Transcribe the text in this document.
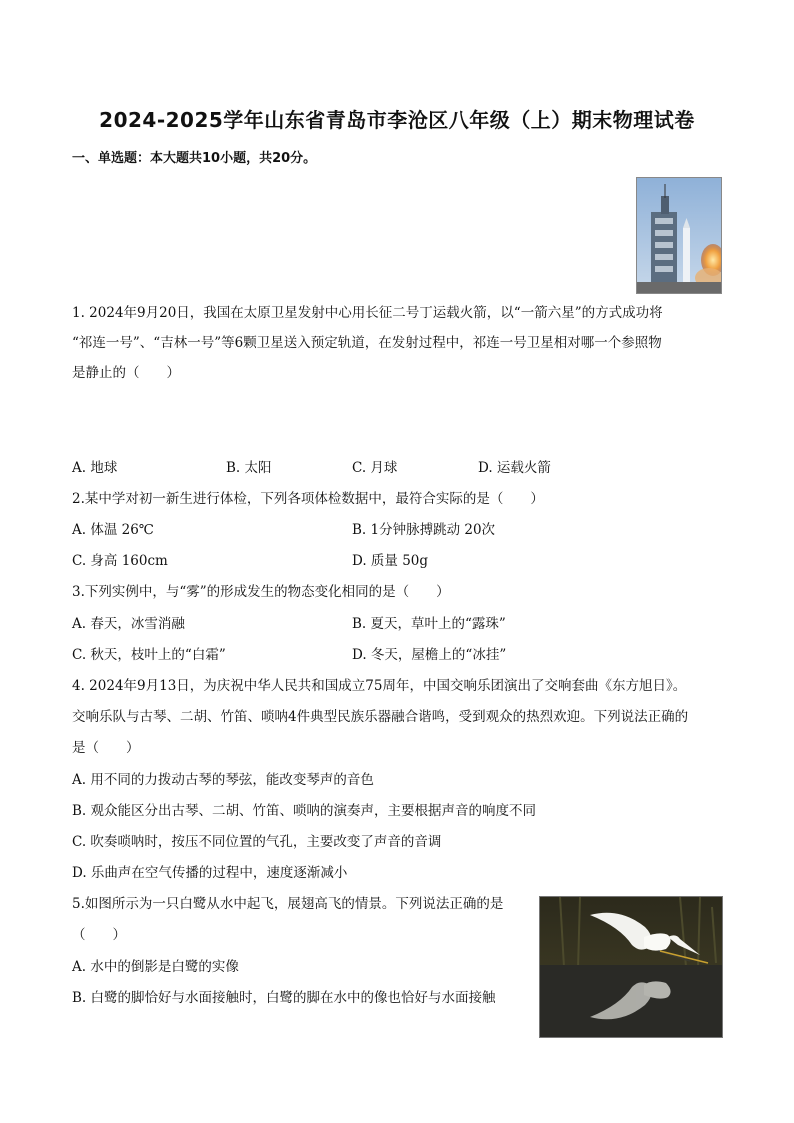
2024-2025学年山东省青岛市李沧区八年级（上）期末物理试卷
一、单选题：本大题共10小题，共20分。
1. 2024年9月20日，我国在太原卫星发射中心用长征二号丁运载火箭，以“一箭六星”的方式成功将
“祁连一号”、“吉林一号”等6颗卫星送入预定轨道，在发射过程中，祁连一号卫星相对哪一个参照物
是静止的（　　）
A. 地球	B. 太阳	C. 月球	D. 运载火箭
2.某中学对初一新生进行体检，下列各项体检数据中，最符合实际的是（　　）
A. 体温 26℃	B. 1分钟脉搏跳动 20次
C. 身高 160cm	D. 质量 50g
3.下列实例中，与“雾”的形成发生的物态变化相同的是（　　）
A. 春天，冰雪消融	B. 夏天，草叶上的“露珠”
C. 秋天，枝叶上的“白霜”	D. 冬天，屋檐上的“冰挂”
4. 2024年9月13日，为庆祝中华人民共和国成立75周年，中国交响乐团演出了交响套曲《东方旭日》。
交响乐队与古琴、二胡、竹笛、唢呐4件典型民族乐器融合谐鸣，受到观众的热烈欢迎。下列说法正确的
是（　　）
A. 用不同的力拨动古琴的琴弦，能改变琴声的音色
B. 观众能区分出古琴、二胡、竹笛、唢呐的演奏声，主要根据声音的响度不同
C. 吹奏唢呐时，按压不同位置的气孔，主要改变了声音的音调
D. 乐曲声在空气传播的过程中，速度逐渐减小
5.如图所示为一只白鹭从水中起飞，展翅高飞的情景。下列说法正确的是
（　　）
A. 水中的倒影是白鹭的实像
B. 白鹭的脚恰好与水面接触时，白鹭的脚在水中的像也恰好与水面接触
